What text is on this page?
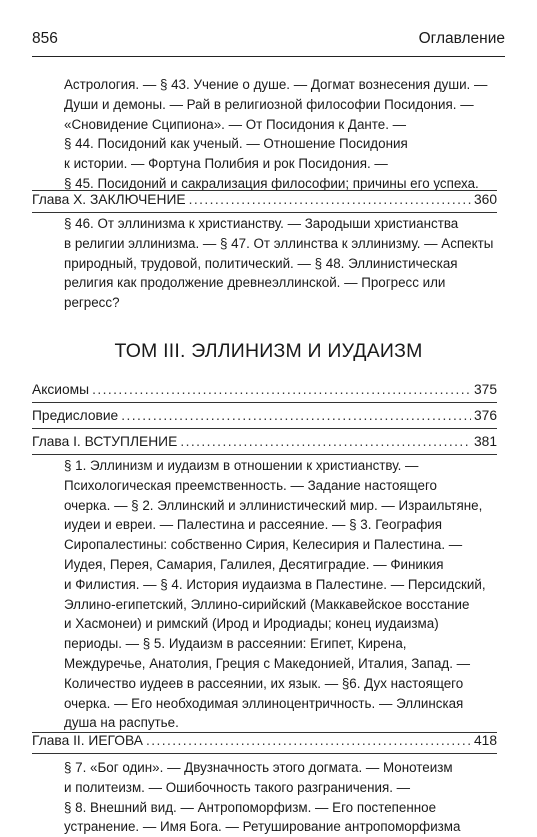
856	Оглавление
Астрология. — § 43. Учение о душе. — Догмат вознесения души. —
Души и демоны. — Рай в религиозной философии Посидония. —
«Сновидение Сципиона». — От Посидония к Данте. —
§ 44. Посидоний как ученый. — Отношение Посидония
к истории. — Фортуна Полибия и рок Посидония. —
§ 45. Посидоний и сакрализация философии; причины его успеха.
Глава X. ЗАКЛЮЧЕНИЕ . . .	360
§ 46. От эллинизма к христианству. — Зародыши христианства
в религии эллинизма. — § 47. От эллинства к эллинизму. — Аспекты
природный, трудовой, политический. — § 48. Эллинистическая
религия как продолжение древнеэллинской. — Прогресс или
регресс?
ТОМ III. ЭЛЛИНИЗМ И ИУДАИЗМ
Аксиомы . . .	375
Предисловие . . .	376
Глава I. ВСТУПЛЕНИЕ . . .	381
§ 1. Эллинизм и иудаизм в отношении к христианству. —
Психологическая преемственность. — Задание настоящего
очерка. — § 2. Эллинский и эллинистический мир. — Израильтяне,
иудеи и евреи. — Палестина и рассеяние. — § 3. География
Сиропалестины: собственно Сирия, Келесирия и Палестина. —
Иудея, Перея, Самария, Галилея, Десятиградие. — Финикия
и Филистия. — § 4. История иудаизма в Палестине. — Персидский,
Эллино-египетский, Эллино-сирийский (Маккавейское восстание
и Хасмонеи) и римский (Ирод и Иродиады; конец иудаизма)
периоды. — § 5. Иудаизм в рассеянии: Египет, Кирена,
Междуречье, Анатолия, Греция с Македонией, Италия, Запад. —
Количество иудеев в рассеянии, их язык. — §6. Дух настоящего
очерка. — Его необходимая эллиноцентричность. — Эллинская
душа на распутье.
Глава II. ИЕГОВА . . .	418
§ 7. «Бог один». — Двузначность этого догмата. — Монотеизм
и политеизм. — Ошибочность такого разграничения. —
§ 8. Внешний вид. — Антропоморфизм. — Его постепенное
устранение. — Имя Бога. — Ретуширование антропоморфизма
